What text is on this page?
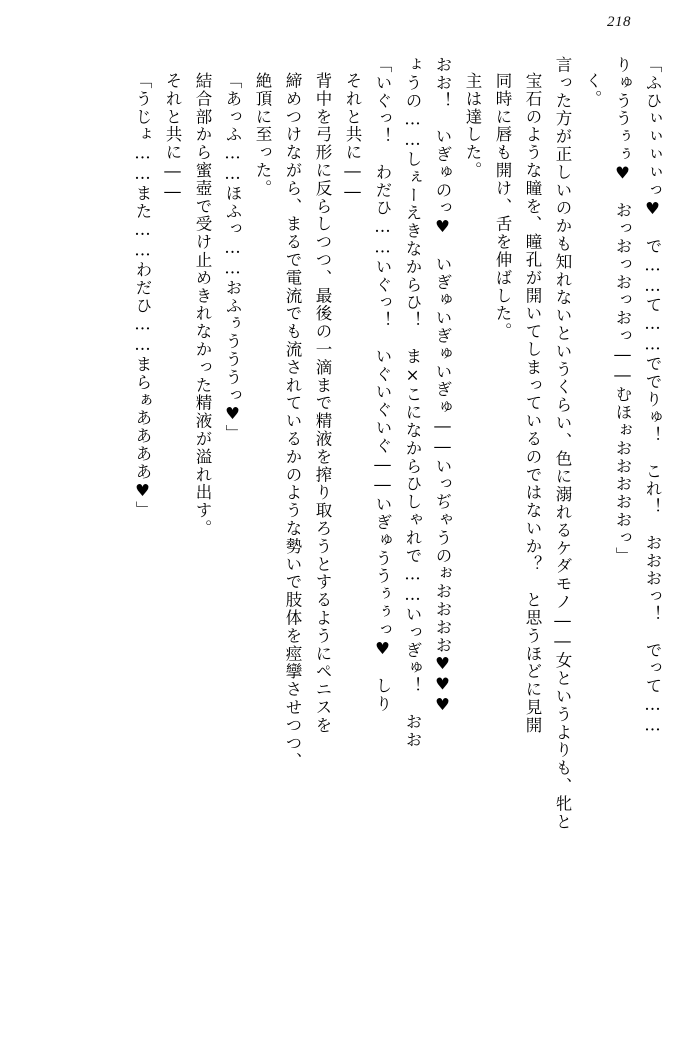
218
「ふひぃぃぃぃっ♥　で……て……ででりゅ！　これ！　おおおっ！　でって……
りゅううぅぅ♥　おっおっおっおっ――むほぉおおおおおっ」
く。
言った方が正しいのかも知れないというくらい、色に溺れるケダモノ――女というよりも、牝と
宝石のような瞳を、瞳孔が開いてしまっているのではないか？　と思うほどに見開
同時に唇も開け、舌を伸ばした。
主は達した。
おお！　いぎゅのっ♥　いぎゅいぎゅいぎゅ――いっぢゃうのぉおおおお♥♥♥
ょうの……しぇーえきなからひ！　ま×こになからひしゃれで……いっぎゅ！　おお
「いぐっ！　わだひ……いぐっ！　いぐいぐいぐ――いぎゅううぅぅっ♥　しり
それと共に――
背中を弓形に反らしつつ、最後の一滴まで精液を搾り取ろうとするようにペニスを
締めつけながら、まるで電流でも流されているかのような勢いで肢体を痙攣させつつ、
絶頂に至った。
「あっふ……ほふっ……おふぅうううっ♥」
結合部から蜜壺で受け止めきれなかった精液が溢れ出す。
それと共に――
「うじょ……また……わだひ……まらぁああああ♥」
